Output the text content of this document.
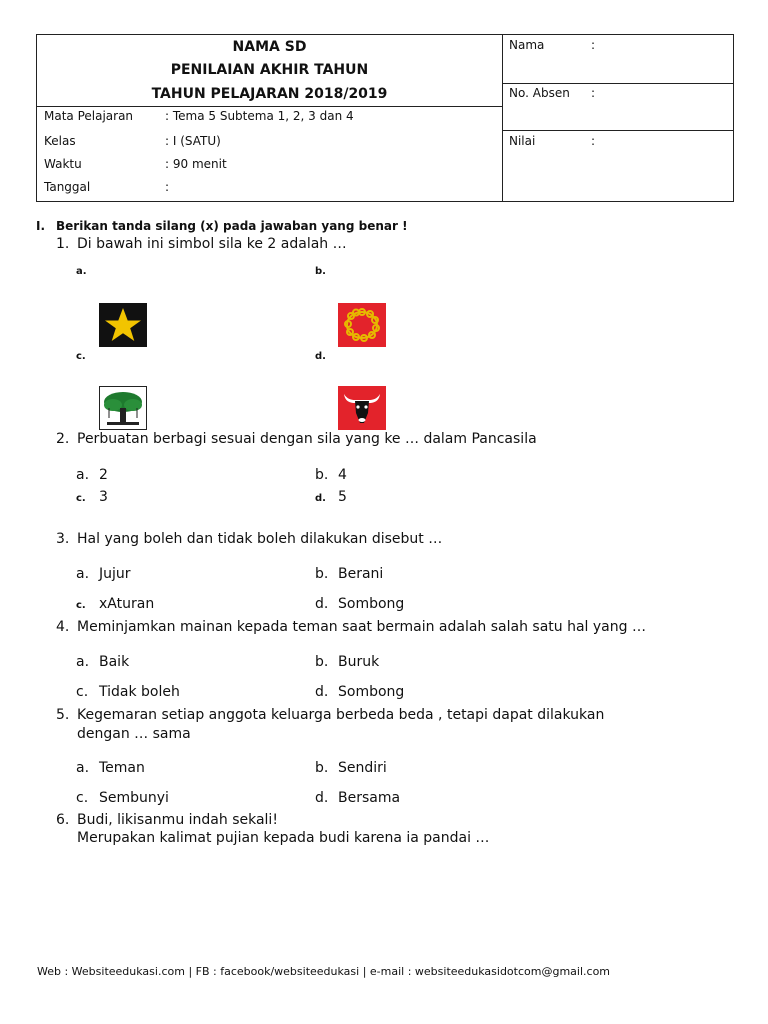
NAMA SD
PENILAIAN AKHIR TAHUN
TAHUN PELAJARAN 2018/2019
Mata Pelajaran	: Tema 5 Subtema 1, 2, 3 dan 4
Kelas	: I (SATU)
Waktu	: 90 menit
Tanggal	:
Nama	:
No. Absen :
Nilai	:
I. Berikan tanda silang (x) pada jawaban yang benar !
1. Di bawah ini simbol sila ke 2 adalah …
a.	b.
c.	d.
2. Perbuatan berbagi sesuai dengan sila yang ke … dalam Pancasila
a. 2	b. 4
c. 3	d. 5
3. Hal yang boleh dan tidak boleh dilakukan disebut …
a. Jujur	b. Berani
c. xAturan	d. Sombong
4. Meminjamkan mainan kepada teman saat bermain adalah salah satu hal yang …
a. Baik	b. Buruk
c. Tidak boleh	d. Sombong
5. Kegemaran setiap anggota keluarga berbeda beda , tetapi dapat dilakukan
dengan … sama
a. Teman	b. Sendiri
c. Sembunyi	d. Bersama
6. Budi, likisanmu indah sekali!
Merupakan kalimat pujian kepada budi karena ia pandai …
Web : Websiteedukasi.com | FB : facebook/websiteedukasi | e-mail : websiteedukasidotcom@gmail.com
